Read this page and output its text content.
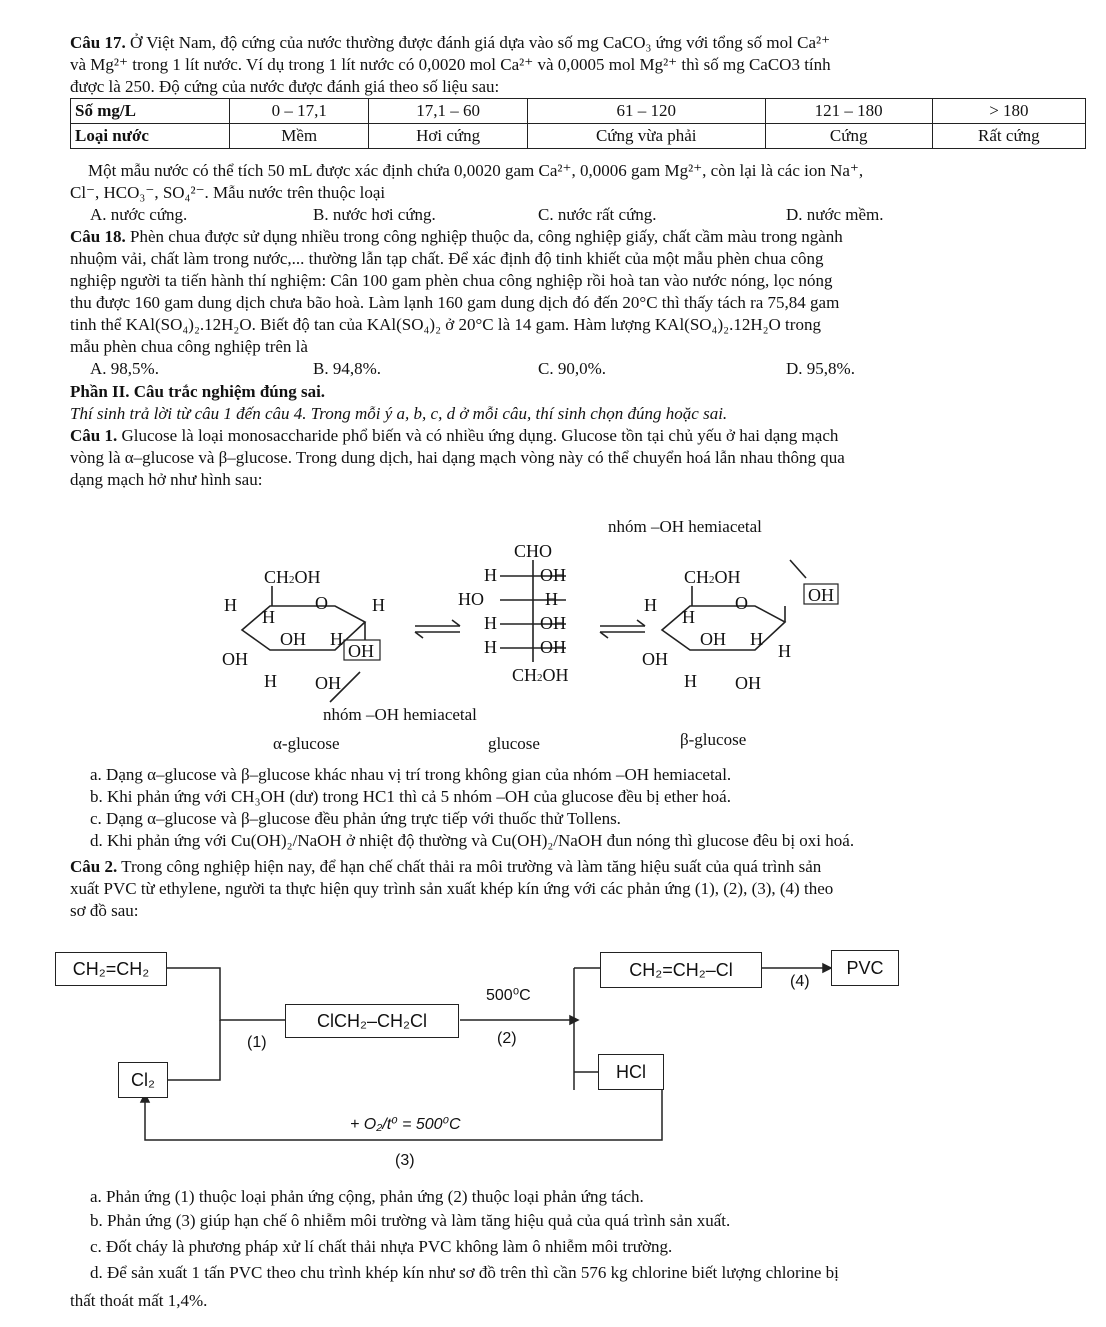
Câu 17. Ở Việt Nam, độ cứng của nước thường được đánh giá dựa vào số mg CaCO₃ ứng với tổng số mol Ca²⁺
và Mg²⁺ trong 1 lít nước. Ví dụ trong 1 lít nước có 0,0020 mol Ca²⁺ và 0,0005 mol Mg²⁺ thì số mg CaCO3 tính
được là 250. Độ cứng của nước được đánh giá theo số liệu sau:
Số mg/L	0 – 17,1	17,1 – 60	61 – 120	121 – 180	> 180
Loại nước	Mềm	Hơi cứng	Cứng vừa phải	Cứng	Rất cứng
Một mẫu nước có thể tích 50 mL được xác định chứa 0,0020 gam Ca²⁺, 0,0006 gam Mg²⁺, còn lại là các ion Na⁺,
Cl⁻, HCO₃⁻, SO₄²⁻. Mẫu nước trên thuộc loại
A. nước cứng.	B. nước hơi cứng.	C. nước rất cứng.	D. nước mềm.
Câu 18. Phèn chua được sử dụng nhiều trong công nghiệp thuộc da, công nghiệp giấy, chất cầm màu trong ngành
nhuộm vải, chất làm trong nước,... thường lẫn tạp chất. Để xác định độ tinh khiết của một mẫu phèn chua công
nghiệp người ta tiến hành thí nghiệm: Cân 100 gam phèn chua công nghiệp rồi hoà tan vào nước nóng, lọc nóng
thu được 160 gam dung dịch chưa bão hoà. Làm lạnh 160 gam dung dịch đó đến 20°C thì thấy tách ra 75,84 gam
tinh thể KAl(SO₄)₂.12H₂O. Biết độ tan của KAl(SO₄)₂ ở 20°C là 14 gam. Hàm lượng KAl(SO₄)₂.12H₂O trong
mẫu phèn chua công nghiệp trên là
A. 98,5%.	B. 94,8%.	C. 90,0%.	D. 95,8%.
Phần II. Câu trắc nghiệm đúng sai.
Thí sinh trả lời từ câu 1 đến câu 4. Trong mỗi ý a, b, c, d ở mỗi câu, thí sinh chọn đúng hoặc sai.
Câu 1. Glucose là loại monosaccharide phổ biến và có nhiều ứng dụng. Glucose tồn tại chủ yếu ở hai dạng mạch
vòng là α–glucose và β–glucose. Trong dung dịch, hai dạng mạch vòng này có thể chuyển hoá lẫn nhau thông qua
dạng mạch hở như hình sau:
CH2OH
H	O H
H
OH H
OH
OH
H OH
CHO
H OH
HO	H
H OH
H OH
CH2OH
CH2OH
H	O	OH
H
OH H
H
OH
H OH
nhóm –OH hemiacetal
nhóm –OH hemiacetal
α-glucose	glucose	β-glucose
a. Dạng α–glucose và β–glucose khác nhau vị trí trong không gian của nhóm –OH hemiacetal.
b. Khi phản ứng với CH₃OH (dư) trong HC1 thì cả 5 nhóm –OH của glucose đều bị ether hoá.
c. Dạng α–glucose và β–glucose đều phản ứng trực tiếp với thuốc thử Tollens.
d. Khi phản ứng với Cu(OH)₂/NaOH ở nhiệt độ thường và Cu(OH)₂/NaOH đun nóng thì glucose đêu bị oxi hoá.
Câu 2. Trong công nghiệp hiện nay, để hạn chế chất thải ra môi trường và làm tăng hiệu suất của quá trình sản
xuất PVC từ ethylene, người ta thực hiện quy trình sản xuất khép kín ứng với các phản ứng (1), (2), (3), (4) theo
sơ đồ sau:
CH₂=CH₂
Cl₂
ClCH₂–CH₂Cl
CH₂=CH₂–Cl	PVC
HCl
(1)	(2)
(3)
(4)
500⁰C
+ O₂/t⁰ = 500⁰C
a. Phản ứng (1) thuộc loại phản ứng cộng, phản ứng (2) thuộc loại phản ứng tách.
b. Phản ứng (3) giúp hạn chế ô nhiễm môi trường và làm tăng hiệu quả của quá trình sản xuất.
c. Đốt cháy là phương pháp xử lí chất thải nhựa PVC không làm ô nhiễm môi trường.
d. Để sản xuất 1 tấn PVC theo chu trình khép kín như sơ đồ trên thì cần 576 kg chlorine biết lượng chlorine bị
thất thoát mất 1,4%.
